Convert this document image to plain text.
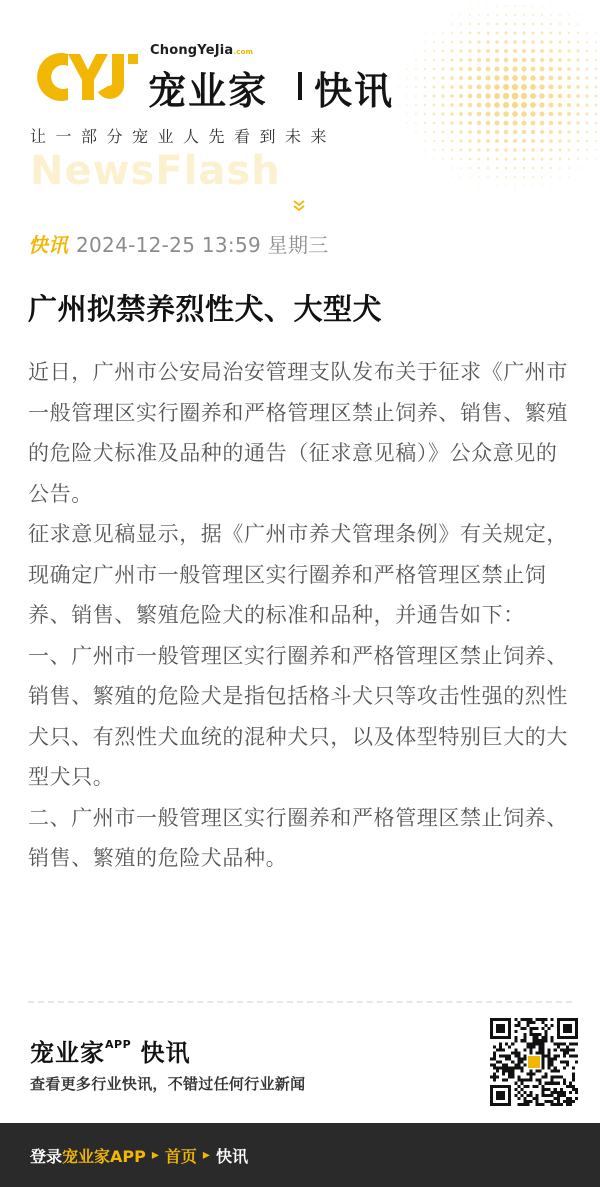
ChongYeJia.com
宠业家 快讯
让一部分宠业人先看到未来
NewsFlash
快讯 2024-12-25 13:59 星期三
广州拟禁养烈性犬、大型犬

近日，广州市公安局治安管理支队发布关于征求《广州市一般管理区实行圈养和严格管理区禁止饲养、销售、繁殖的危险犬标准及品种的通告（征求意见稿）》公众意见的公告。

征求意见稿显示，据《广州市养犬管理条例》有关规定，现确定广州市一般管理区实行圈养和严格管理区禁止饲养、销售、繁殖危险犬的标准和品种，并通告如下：

一、广州市一般管理区实行圈养和严格管理区禁止饲养、销售、繁殖的危险犬是指包括格斗犬只等攻击性强的烈性犬只、有烈性犬血统的混种犬只，以及体型特别巨大的大型犬只。

二、广州市一般管理区实行圈养和严格管理区禁止饲养、销售、繁殖的危险犬品种。

宠业家$^{APP}$ 快讯
查看更多行业快讯，不错过任何行业新闻
登录 宠业家APP ▸ 首页 ▸ 快讯
